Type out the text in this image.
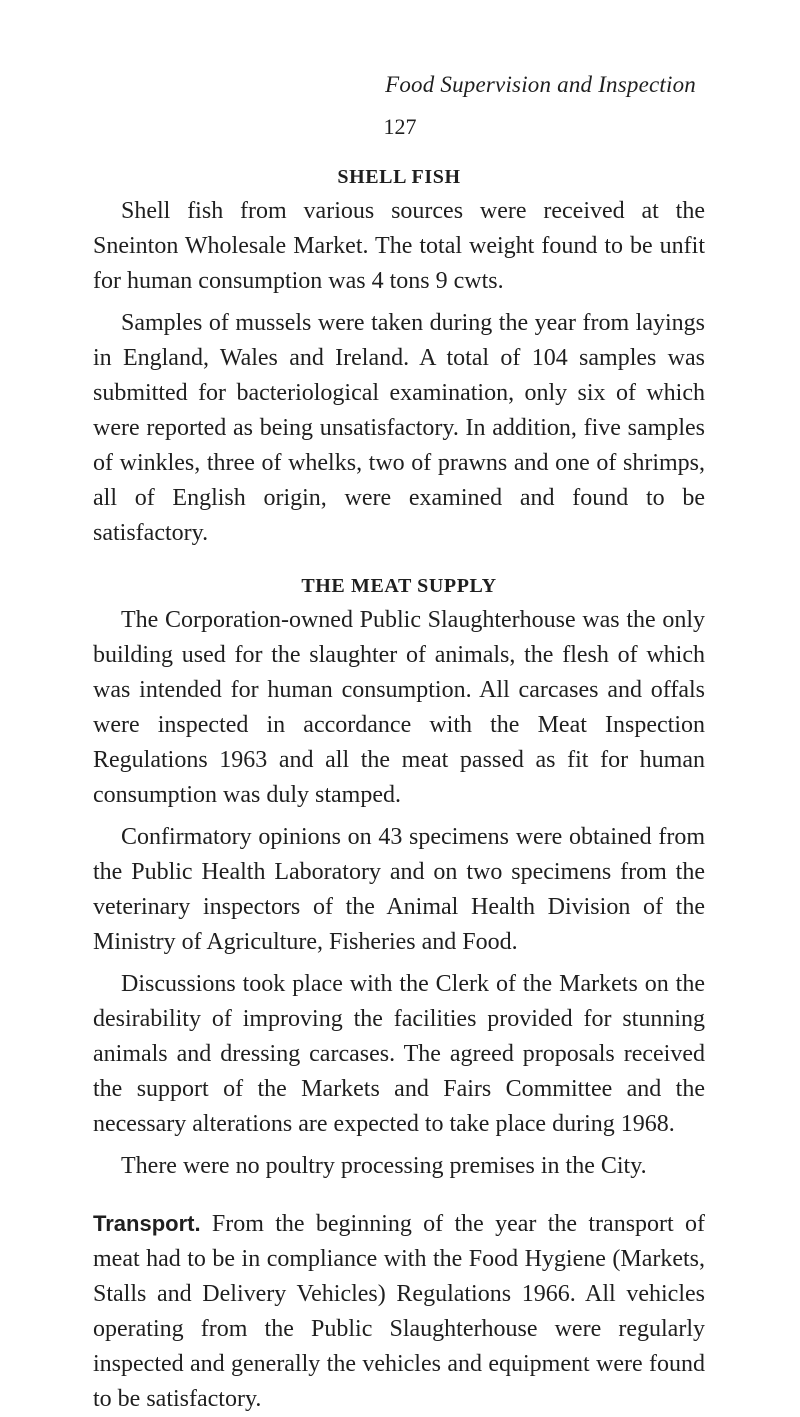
Food Supervision and Inspection
127
SHELL FISH

Shell fish from various sources were received at the Sneinton Wholesale Market. The total weight found to be unfit for human consumption was 4 tons 9 cwts.

Samples of mussels were taken during the year from layings in England, Wales and Ireland. A total of 104 samples was submitted for bacteriological examination, only six of which were reported as being unsatisfactory. In addition, five samples of winkles, three of whelks, two of prawns and one of shrimps, all of English origin, were examined and found to be satisfactory.

THE MEAT SUPPLY

The Corporation-owned Public Slaughterhouse was the only building used for the slaughter of animals, the flesh of which was intended for human consumption. All carcases and offals were inspected in accordance with the Meat Inspection Regulations 1963 and all the meat passed as fit for human consumption was duly stamped.

Confirmatory opinions on 43 specimens were obtained from the Public Health Laboratory and on two specimens from the veterinary inspectors of the Animal Health Division of the Ministry of Agriculture, Fisheries and Food.

Discussions took place with the Clerk of the Markets on the desirability of improving the facilities provided for stunning animals and dressing carcases. The agreed proposals received the support of the Markets and Fairs Committee and the necessary alterations are expected to take place during 1968.

There were no poultry processing premises in the City.

Transport. From the beginning of the year the transport of meat had to be in compliance with the Food Hygiene (Markets, Stalls and Delivery Vehicles) Regulations 1966. All vehicles operating from the Public Slaughterhouse were regularly inspected and generally the vehicles and equipment were found to be satisfactory.
